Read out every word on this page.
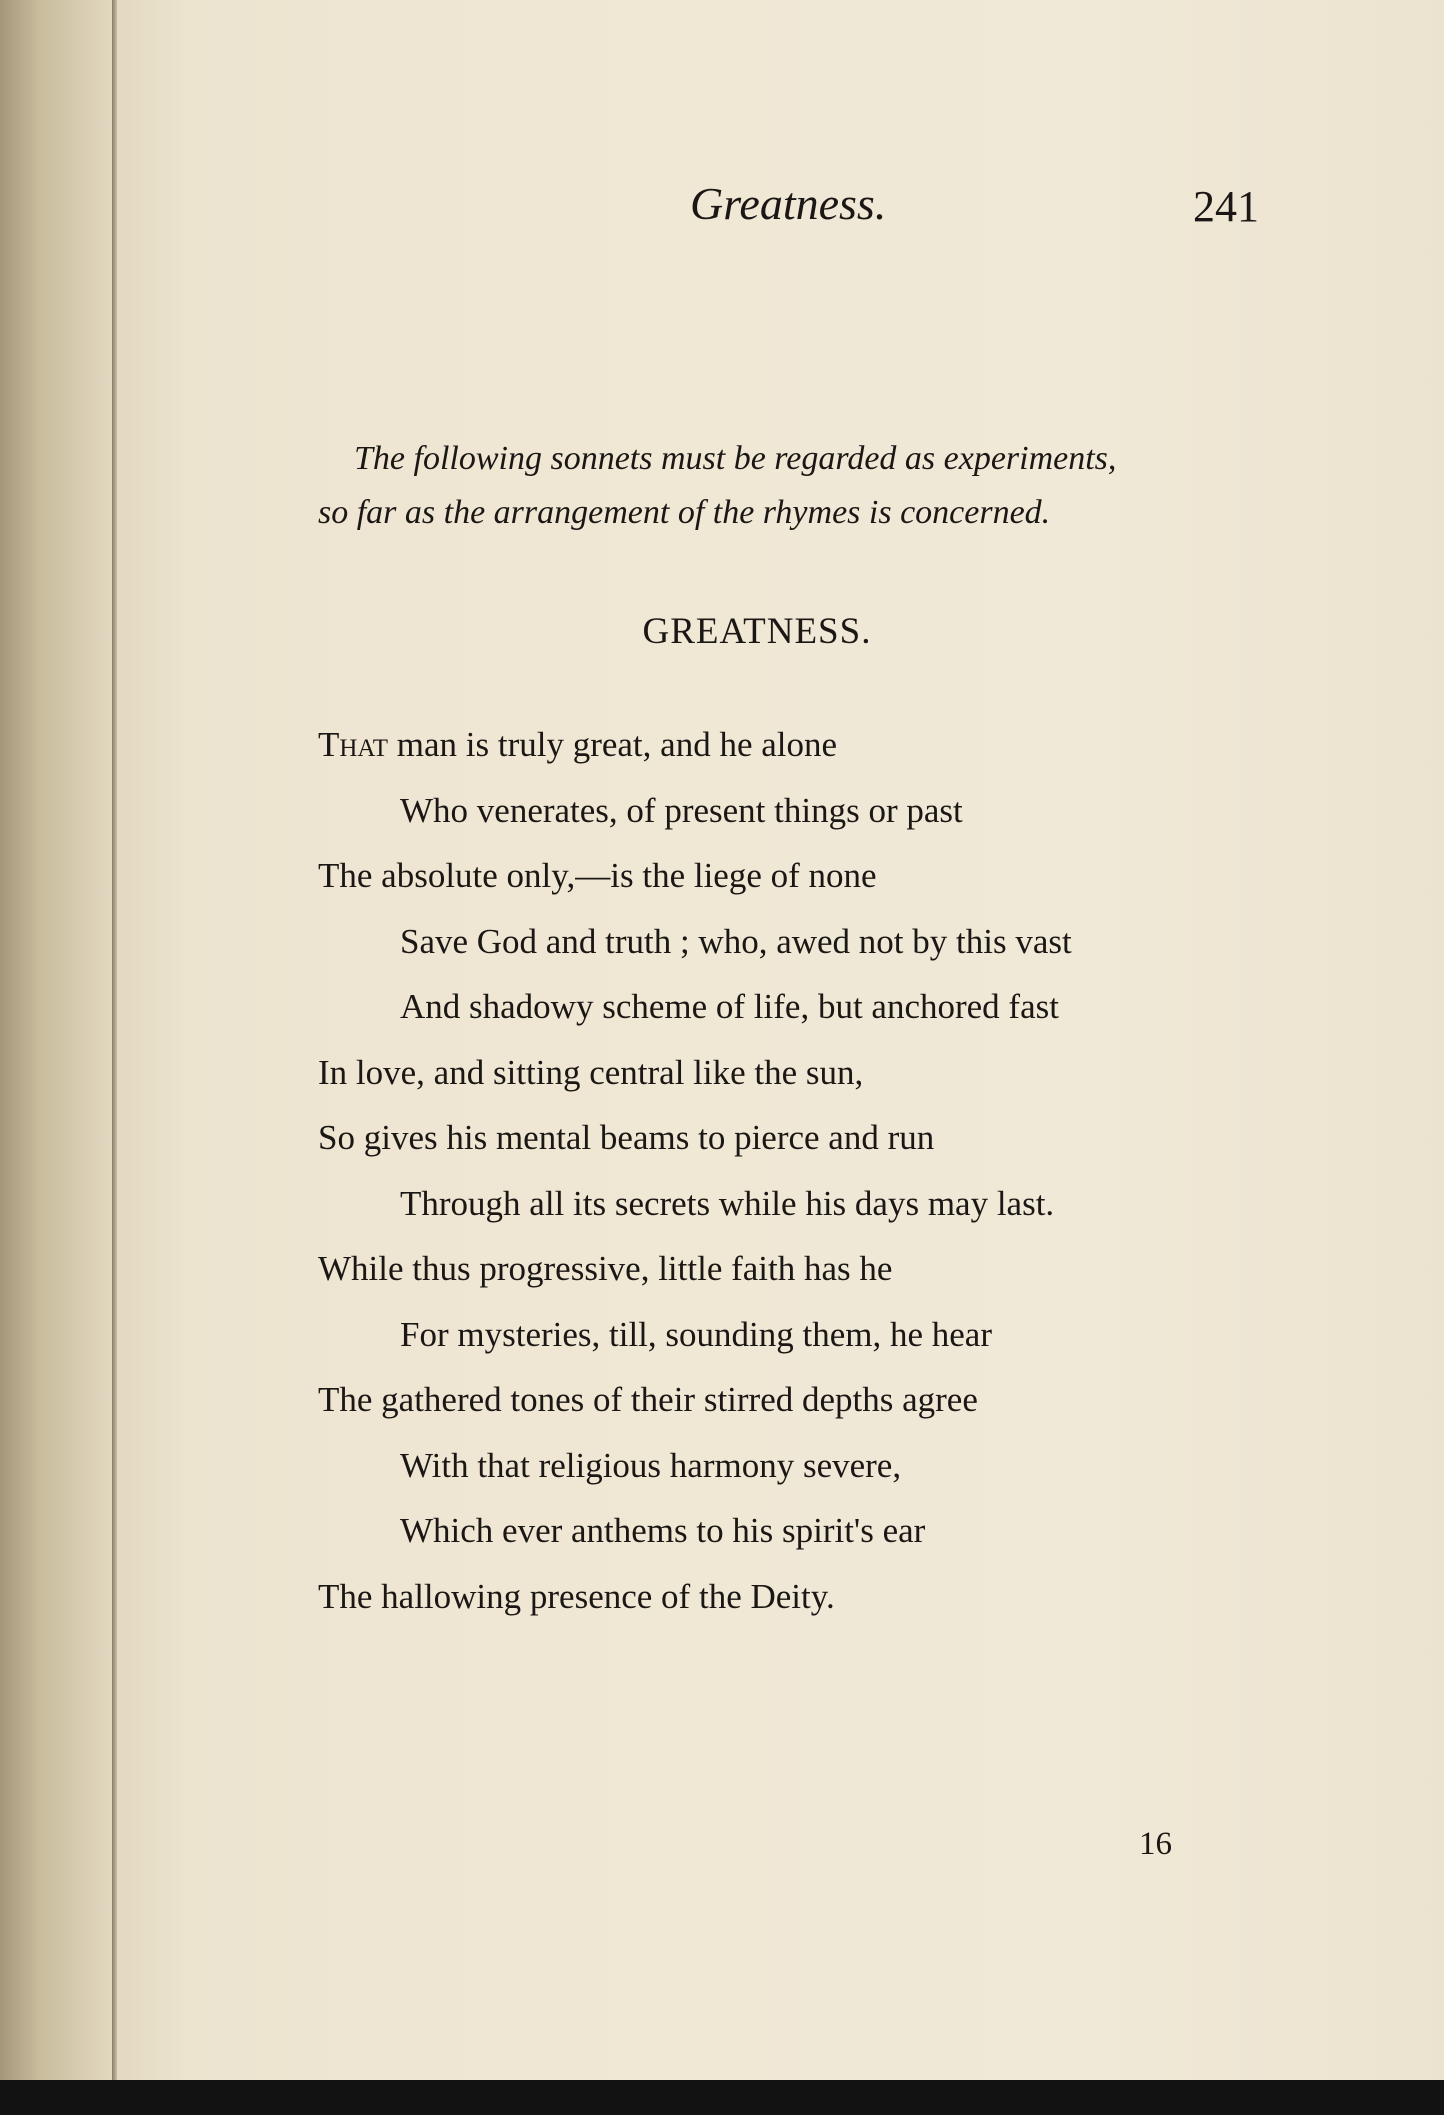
Greatness.	241
The following sonnets must be regarded as experiments,
so far as the arrangement of the rhymes is concerned.
GREATNESS.
That man is truly great, and he alone
Who venerates, of present things or past
The absolute only,—is the liege of none
Save God and truth ; who, awed not by this vast
And shadowy scheme of life, but anchored fast
In love, and sitting central like the sun,
So gives his mental beams to pierce and run
Through all its secrets while his days may last.
While thus progressive, little faith has he
For mysteries, till, sounding them, he hear
The gathered tones of their stirred depths agree
With that religious harmony severe,
Which ever anthems to his spirit's ear
The hallowing presence of the Deity.
16
